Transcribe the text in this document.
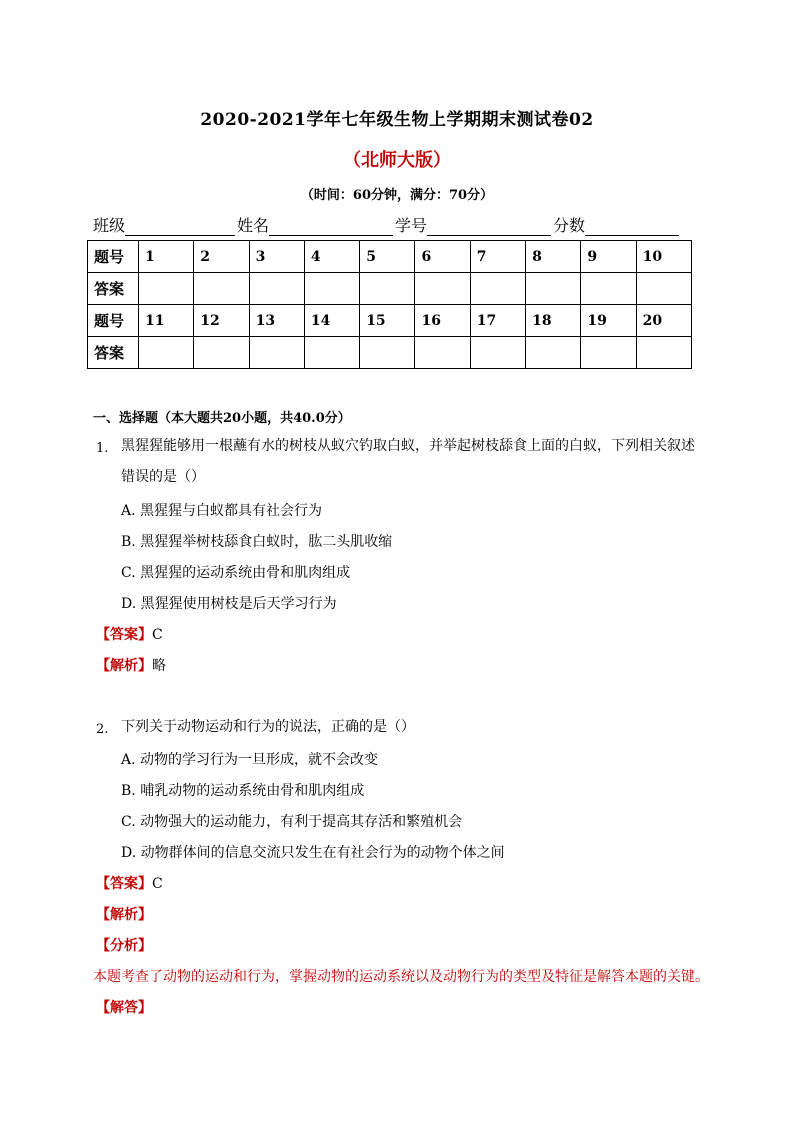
2020-2021学年七年级生物上学期期末测试卷02
（北师大版）
（时间：60分钟，满分：70分）
班级	姓名	学号	分数
题号	1	2	3	4	5	6	7	8	9	10
答案										
题号	11	12	13	14	15	16	17	18	19	20
答案										
一、选择题（本大题共20小题，共40.0分）
1. 黑猩猩能够用一根蘸有水的树枝从蚁穴钓取白蚁，并举起树枝舔食上面的白蚁，下列相关叙述
错误的是（）
A. 黑猩猩与白蚁都具有社会行为
B. 黑猩猩举树枝舔食白蚁时，肱二头肌收缩
C. 黑猩猩的运动系统由骨和肌肉组成
D. 黑猩猩使用树枝是后天学习行为
【答案】C
【解析】略
2. 下列关于动物运动和行为的说法，正确的是（）
A. 动物的学习行为一旦形成，就不会改变
B. 哺乳动物的运动系统由骨和肌肉组成
C. 动物强大的运动能力，有利于提高其存活和繁殖机会
D. 动物群体间的信息交流只发生在有社会行为的动物个体之间
【答案】C
【解析】
【分析】
本题考查了动物的运动和行为，掌握动物的运动系统以及动物行为的类型及特征是解答本题的关键。
【解答】
